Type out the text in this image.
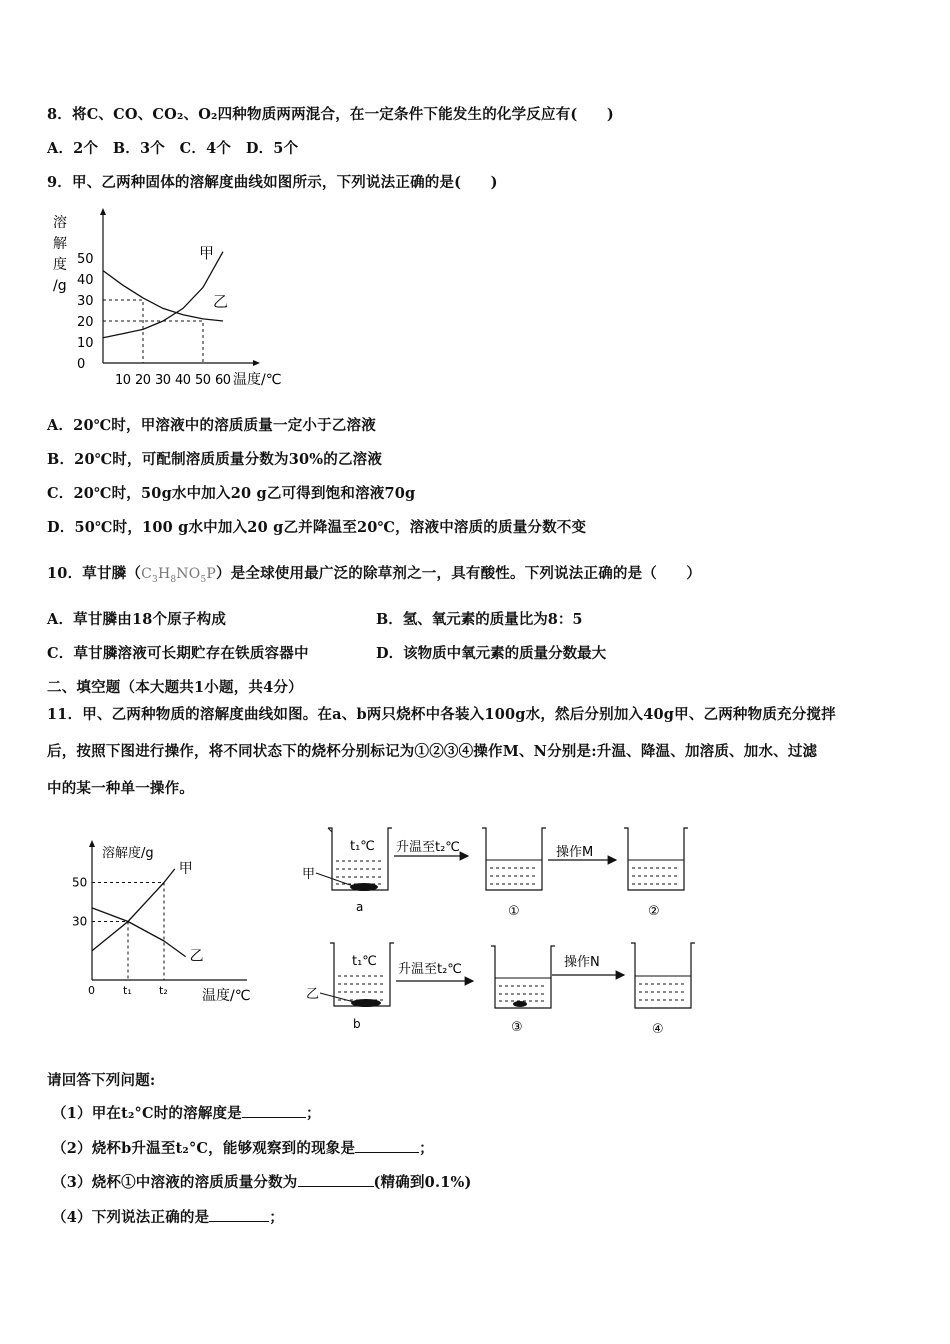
8．将C、CO、CO₂、O₂四种物质两两混合，在一定条件下能发生的化学反应有(　　)
A．2个　B．3个　C．4个　D．5个
9．甲、乙两种固体的溶解度曲线如图所示，下列说法正确的是(　　)
溶
解
度
/g
0
10
20
30
40
50
10 20 30 40 50 60 温度/℃
甲
乙
A．20℃时，甲溶液中的溶质质量一定小于乙溶液
B．20℃时，可配制溶质质量分数为30%的乙溶液
C．20℃时，50g水中加入20 g乙可得到饱和溶液70g
D．50℃时，100 g水中加入20 g乙并降温至20℃，溶液中溶质的质量分数不变
10．草甘膦$(C_3H_8NO_5P)$是全球使用最广泛的除草剂之一，具有酸性。下列说法正确的是（　　）
A．草甘膦由18个原子构成	B．氢、氧元素的质量比为8：5
C．草甘膦溶液可长期贮存在铁质容器中	D．该物质中氧元素的质量分数最大
二、填空题（本大题共1小题，共4分）
11．甲、乙两种物质的溶解度曲线如图。在a、b两只烧杯中各装入100g水，然后分别加入40g甲、乙两种物质充分搅拌
后，按照下图进行操作，将不同状态下的烧杯分别标记为①②③④操作M、N分别是:升温、降温、加溶质、加水、过滤
中的某一种单一操作。
溶解度/g
温度/℃
50
30
0	t₁ t₂
甲
乙
t₁℃
甲
a
升温至t₂℃
①
操作M
②
t₁℃
乙
b
升温至t₂℃
③
操作N
④
请回答下列问题:
（1）甲在t₂°C时的溶解度是	；
（2）烧杯b升温至t₂°C，能够观察到的现象是	；
（3）烧杯①中溶液的溶质质量分数为	(精确到0.1%)
（4）下列说法正确的是	；
